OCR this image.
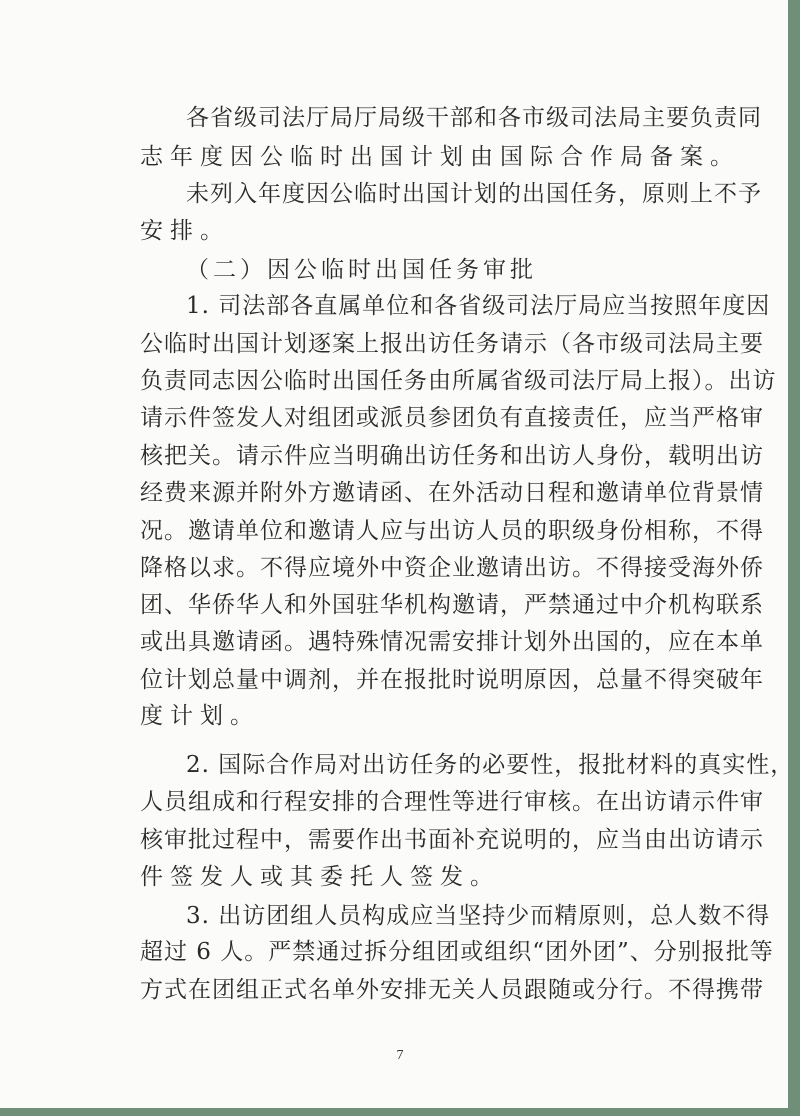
各省级司法厅局厅局级干部和各市级司法局主要负责同
志年度因公临时出国计划由国际合作局备案。
未列入年度因公临时出国计划的出国任务，原则上不予
安排。
（二）因公临时出国任务审批
1. 司法部各直属单位和各省级司法厅局应当按照年度因
公临时出国计划逐案上报出访任务请示（各市级司法局主要
负责同志因公临时出国任务由所属省级司法厅局上报）。出访
请示件签发人对组团或派员参团负有直接责任，应当严格审
核把关。请示件应当明确出访任务和出访人身份，载明出访
经费来源并附外方邀请函、在外活动日程和邀请单位背景情
况。邀请单位和邀请人应与出访人员的职级身份相称，不得
降格以求。不得应境外中资企业邀请出访。不得接受海外侨
团、华侨华人和外国驻华机构邀请，严禁通过中介机构联系
或出具邀请函。遇特殊情况需安排计划外出国的，应在本单
位计划总量中调剂，并在报批时说明原因，总量不得突破年
度计划。
2. 国际合作局对出访任务的必要性，报批材料的真实性，
人员组成和行程安排的合理性等进行审核。在出访请示件审
核审批过程中，需要作出书面补充说明的，应当由出访请示
件签发人或其委托人签发。
3. 出访团组人员构成应当坚持少而精原则，总人数不得
超过 6 人。严禁通过拆分组团或组织“团外团”、分别报批等
方式在团组正式名单外安排无关人员跟随或分行。不得携带
7
